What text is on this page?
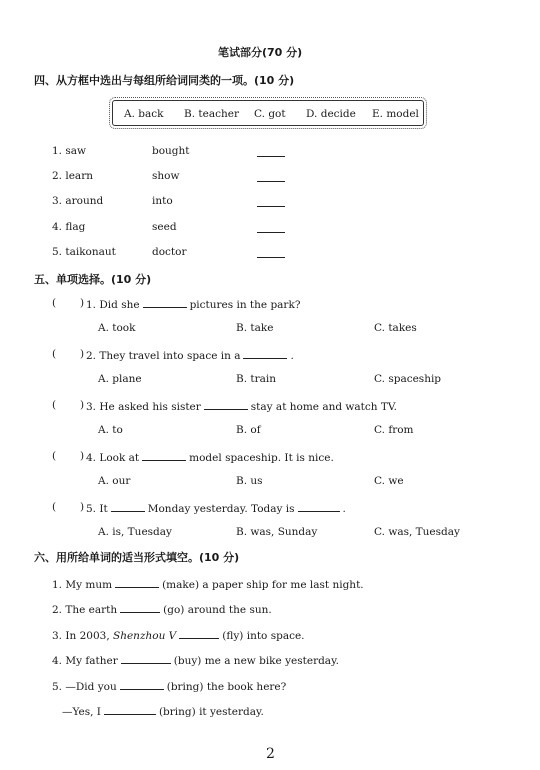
笔试部分(70 分)
四、从方框中选出与每组所给词同类的一项。(10 分)
A. back B. teacher C. got D. decide E. model
1. saw	bought
2. learn	show
3. around	into
4. flag	seed
5. taikonaut	doctor
五、单项选择。(10 分)
( ) 1. Did she	pictures in the park?
A. took	B. take	C. takes
( ) 2. They travel into space in a	.
A. plane	B. train	C. spaceship
( ) 3. He asked his sister	stay at home and watch TV.
A. to	B. of	C. from
( ) 4. Look at	model spaceship. It is nice.
A. our	B. us	C. we
( ) 5. It	Monday yesterday. Today is	.
A. is, Tuesday	B. was, Sunday	C. was, Tuesday
六、用所给单词的适当形式填空。(10 分)
1. My mum	(make) a paper ship for me last night.
2. The earth	(go) around the sun.
3. In 2003, Shenzhou V	(fly) into space.
4. My father	(buy) me a new bike yesterday.
5. —Did you	(bring) the book here?
—Yes, I	(bring) it yesterday.
2
